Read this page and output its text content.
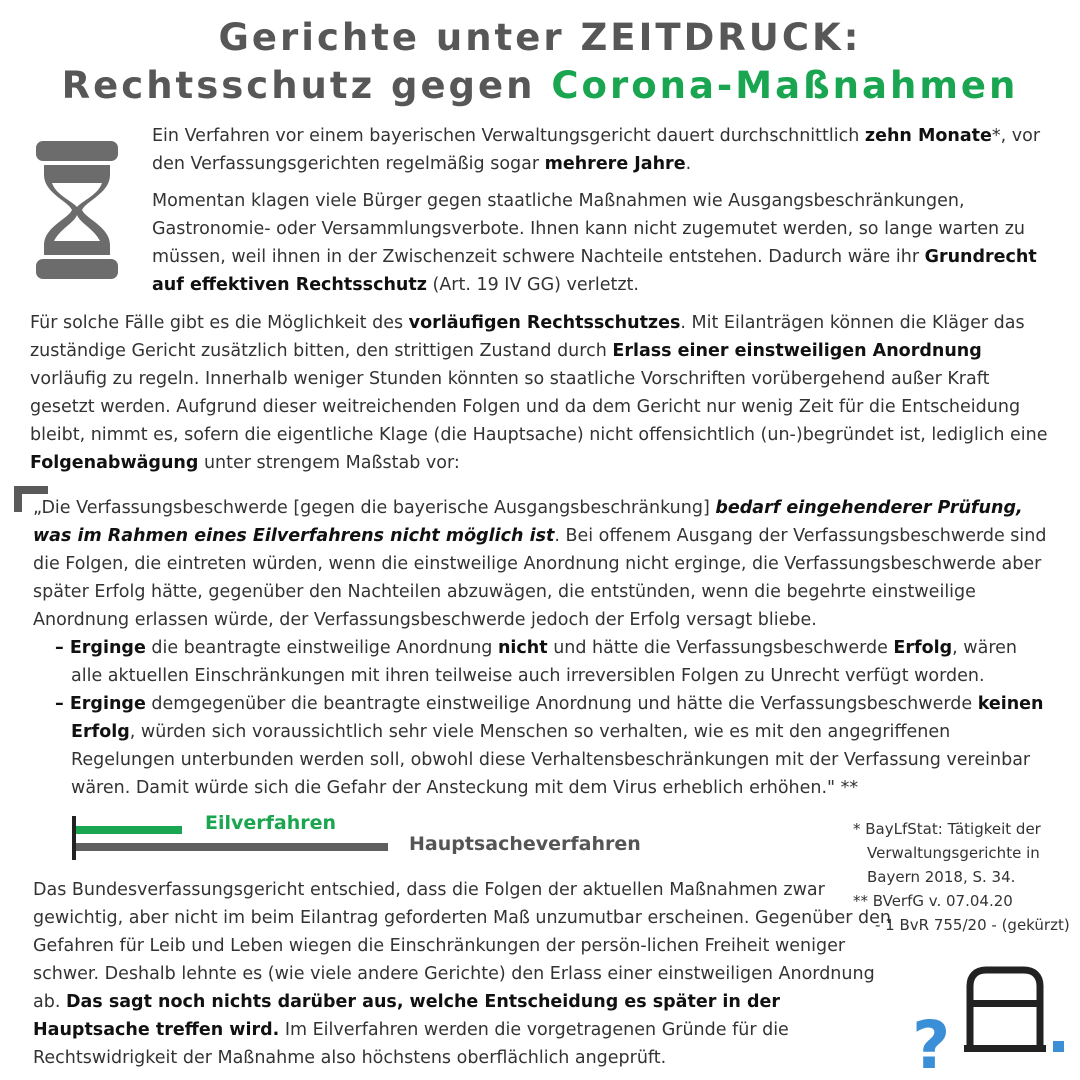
Gerichte unter ZEITDRUCK:
Rechtsschutz gegen Corona-Maßnahmen

Ein Verfahren vor einem bayerischen Verwaltungsgericht dauert durchschnittlich zehn Monate*, vor den Verfassungsgerichten regelmäßig sogar mehrere Jahre.

Momentan klagen viele Bürger gegen staatliche Maßnahmen wie Ausgangsbeschränkungen, Gastronomie- oder Versammlungsverbote. Ihnen kann nicht zugemutet werden, so lange warten zu müssen, weil ihnen in der Zwischenzeit schwere Nachteile entstehen. Dadurch wäre ihr Grundrecht auf effektiven Rechtsschutz (Art. 19 IV GG) verletzt.

Für solche Fälle gibt es die Möglichkeit des vorläufigen Rechtsschutzes. Mit Eilanträgen können die Kläger das zuständige Gericht zusätzlich bitten, den strittigen Zustand durch Erlass einer einstweiligen Anordnung vorläufig zu regeln. Innerhalb weniger Stunden könnten so staatliche Vorschriften vorübergehend außer Kraft gesetzt werden. Aufgrund dieser weitreichenden Folgen und da dem Gericht nur wenig Zeit für die Entscheidung bleibt, nimmt es, sofern die eigentliche Klage (die Hauptsache) nicht offensichtlich (un-)begründet ist, lediglich eine Folgenabwägung unter strengem Maßstab vor:

„Die Verfassungsbeschwerde [gegen die bayerische Ausgangsbeschränkung] bedarf eingehenderer Prüfung, was im Rahmen eines Eilverfahrens nicht möglich ist. Bei offenem Ausgang der Verfassungsbeschwerde sind die Folgen, die eintreten würden, wenn die einstweilige Anordnung nicht erginge, die Verfassungsbeschwerde aber später Erfolg hätte, gegenüber den Nachteilen abzuwägen, die entstünden, wenn die begehrte einstweilige Anordnung erlassen würde, der Verfassungsbeschwerde jedoch der Erfolg versagt bliebe.
– Erginge die beantragte einstweilige Anordnung nicht und hätte die Verfassungsbeschwerde Erfolg, wären alle aktuellen Einschränkungen mit ihren teilweise auch irreversiblen Folgen zu Unrecht verfügt worden.
– Erginge demgegenüber die beantragte einstweilige Anordnung und hätte die Verfassungsbeschwerde keinen Erfolg, würden sich voraussichtlich sehr viele Menschen so verhalten, wie es mit den angegriffenen Regelungen unterbunden werden soll, obwohl diese Verhaltensbeschränkungen mit der Verfassung vereinbar wären. Damit würde sich die Gefahr der Ansteckung mit dem Virus erheblich erhöhen." **
Eilverfahren
Hauptsacheverfahren

Das Bundesverfassungsgericht entschied, dass die Folgen der aktuellen Maßnahmen zwar gewichtig, aber nicht im beim Eilantrag geforderten Maß unzumutbar erscheinen. Gegenüber den Gefahren für Leib und Leben wiegen die Einschränkungen der persön-lichen Freiheit weniger schwer. Deshalb lehnte es (wie viele andere Gerichte) den Erlass einer einstweiligen Anordnung ab. Das sagt noch nichts darüber aus, welche Entscheidung es später in der Hauptsache treffen wird. Im Eilverfahren werden die vorgetragenen Gründe für die Rechtswidrigkeit der Maßnahme also höchstens oberflächlich angeprüft.

* BayLfStat: Tätigkeit der
Verwaltungsgerichte in
Bayern 2018, S. 34.
** BVerfG v. 07.04.20
- 1 BvR 755/20 - (gekürzt)
?
